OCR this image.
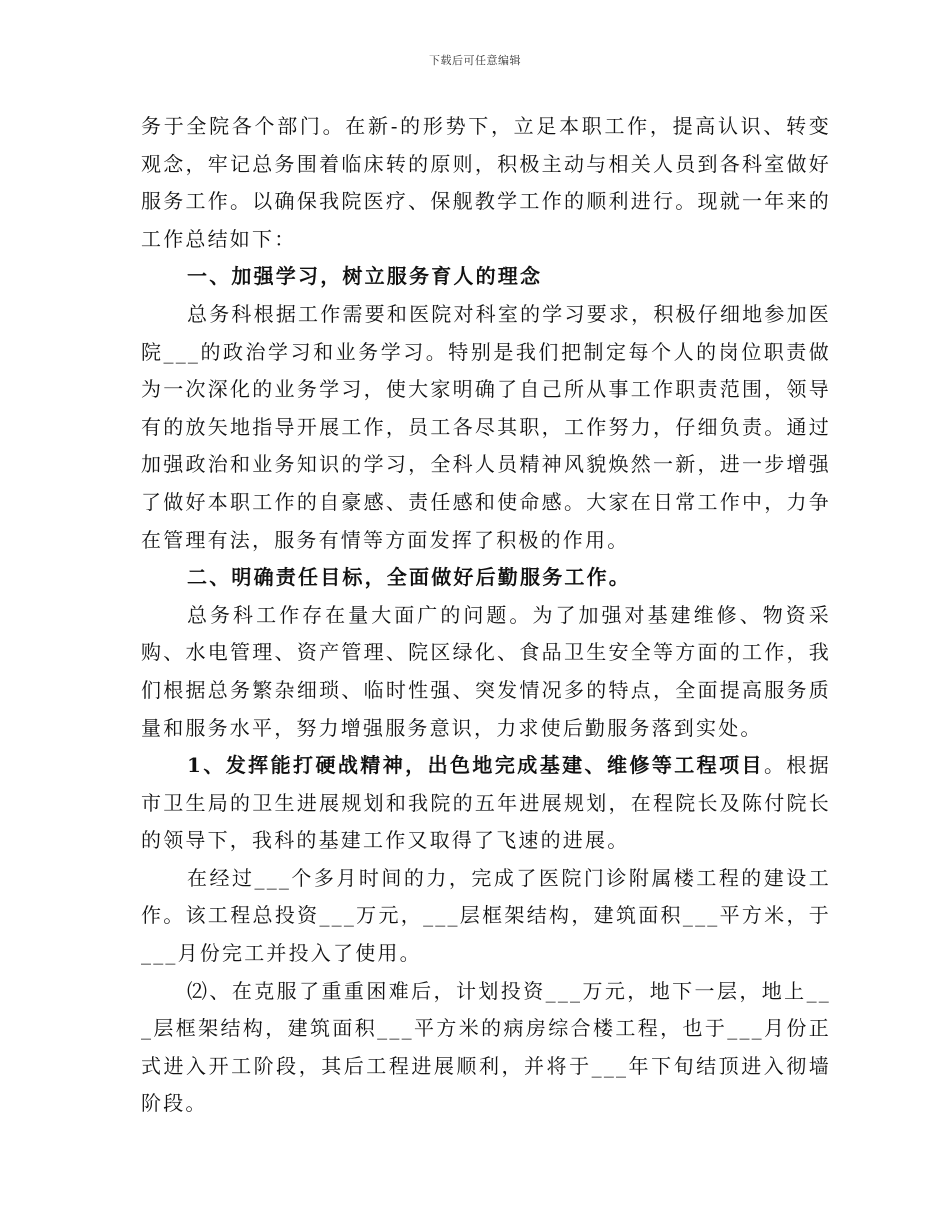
下载后可任意编辑

务于全院各个部门。在新-的形势下，立足本职工作，提高认识、转变观念，牢记总务围着临床转的原则，积极主动与相关人员到各科室做好服务工作。以确保我院医疗、保舰教学工作的顺利进行。现就一年来的工作总结如下：

一、加强学习，树立服务育人的理念

总务科根据工作需要和医院对科室的学习要求，积极仔细地参加医院___的政治学习和业务学习。特别是我们把制定每个人的岗位职责做为一次深化的业务学习，使大家明确了自己所从事工作职责范围，领导有的放矢地指导开展工作，员工各尽其职，工作努力，仔细负责。通过加强政治和业务知识的学习，全科人员精神风貌焕然一新，进一步增强了做好本职工作的自豪感、责任感和使命感。大家在日常工作中，力争在管理有法，服务有情等方面发挥了积极的作用。

二、明确责任目标，全面做好后勤服务工作。

总务科工作存在量大面广的问题。为了加强对基建维修、物资采购、水电管理、资产管理、院区绿化、食品卫生安全等方面的工作，我们根据总务繁杂细琐、临时性强、突发情况多的特点，全面提高服务质量和服务水平，努力增强服务意识，力求使后勤服务落到实处。

1、发挥能打硬战精神，出色地完成基建、维修等工程项目。根据市卫生局的卫生进展规划和我院的五年进展规划，在程院长及陈付院长的领导下，我科的基建工作又取得了飞速的进展。

在经过___个多月时间的力，完成了医院门诊附属楼工程的建设工作。该工程总投资___万元，___层框架结构，建筑面积___平方米，于___月份完工并投入了使用。

⑵、在克服了重重困难后，计划投资___万元，地下一层，地上___层框架结构，建筑面积___平方米的病房综合楼工程，也于___月份正式进入开工阶段，其后工程进展顺利，并将于___年下旬结顶进入彻墙阶段。
